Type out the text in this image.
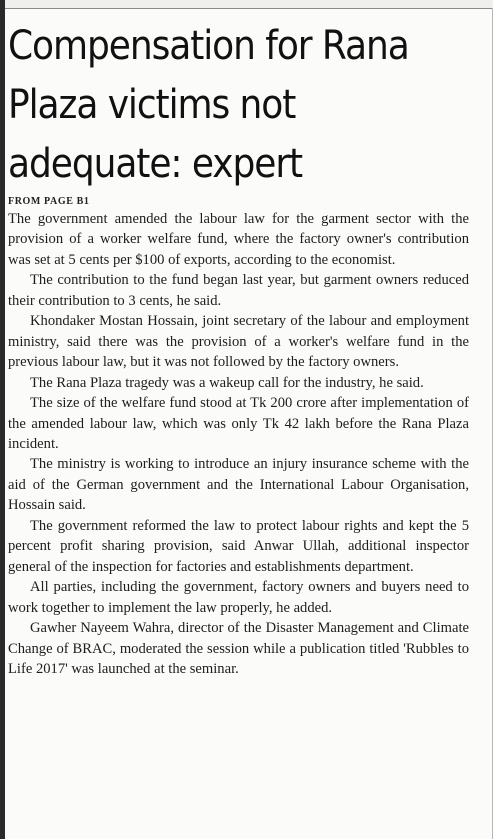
Compensation for Rana Plaza victims not adequate: expert
FROM PAGE B1

The government amended the labour law for the garment sector with the provision of a worker welfare fund, where the factory owner's contribution was set at 5 cents per $100 of exports, according to the economist.

The contribution to the fund began last year, but garment owners reduced their contribution to 3 cents, he said.

Khondaker Mostan Hossain, joint secretary of the labour and employment ministry, said there was the provision of a worker's welfare fund in the previous labour law, but it was not followed by the factory owners.

The Rana Plaza tragedy was a wakeup call for the industry, he said.

The size of the welfare fund stood at Tk 200 crore after implementation of the amended labour law, which was only Tk 42 lakh before the Rana Plaza incident.

The ministry is working to introduce an injury insurance scheme with the aid of the German government and the International Labour Organisation, Hossain said.

The government reformed the law to protect labour rights and kept the 5 percent profit sharing provision, said Anwar Ullah, additional inspector general of the inspection for factories and establishments department.

All parties, including the government, factory owners and buyers need to work together to implement the law properly, he added.

Gawher Nayeem Wahra, director of the Disaster Management and Climate Change of BRAC, moderated the session while a publication titled 'Rubbles to Life 2017' was launched at the seminar.
